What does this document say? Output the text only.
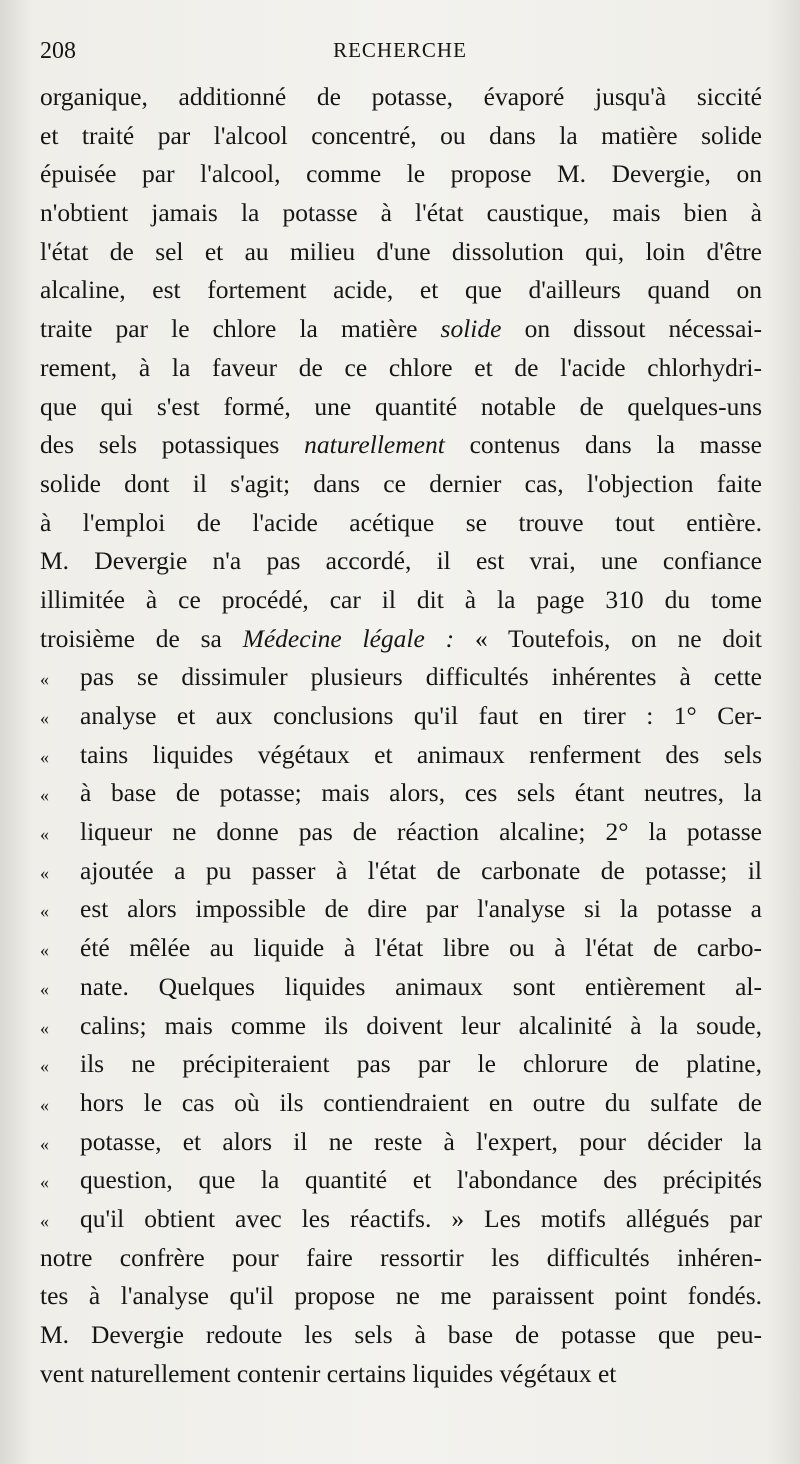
208	RECHERCHE
organique, additionné de potasse, évaporé jusqu'à siccité
et traité par l'alcool concentré, ou dans la matière solide
épuisée par l'alcool, comme le propose M. Devergie, on
n'obtient jamais la potasse à l'état caustique, mais bien à
l'état de sel et au milieu d'une dissolution qui, loin d'être
alcaline, est fortement acide, et que d'ailleurs quand on
traite par le chlore la matière solide on dissout nécessai-
rement, à la faveur de ce chlore et de l'acide chlorhydri-
que qui s'est formé, une quantité notable de quelques-uns
des sels potassiques naturellement contenus dans la masse
solide dont il s'agit; dans ce dernier cas, l'objection faite
à l'emploi de l'acide acétique se trouve tout entière.
M. Devergie n'a pas accordé, il est vrai, une confiance
illimitée à ce procédé, car il dit à la page 310 du tome
troisième de sa Médecine légale : « Toutefois, on ne doit
« pas se dissimuler plusieurs difficultés inhérentes à cette
« analyse et aux conclusions qu'il faut en tirer : 1° Cer-
« tains liquides végétaux et animaux renferment des sels
« à base de potasse; mais alors, ces sels étant neutres, la
« liqueur ne donne pas de réaction alcaline; 2° la potasse
« ajoutée a pu passer à l'état de carbonate de potasse; il
« est alors impossible de dire par l'analyse si la potasse a
« été mêlée au liquide à l'état libre ou à l'état de carbo-
« nate. Quelques liquides animaux sont entièrement al-
« calins; mais comme ils doivent leur alcalinité à la soude,
« ils ne précipiteraient pas par le chlorure de platine,
« hors le cas où ils contiendraient en outre du sulfate de
« potasse, et alors il ne reste à l'expert, pour décider la
« question, que la quantité et l'abondance des précipités
« qu'il obtient avec les réactifs. » Les motifs allégués par
notre confrère pour faire ressortir les difficultés inhéren-
tes à l'analyse qu'il propose ne me paraissent point fondés.
M. Devergie redoute les sels à base de potasse que peu-
vent naturellement contenir certains liquides végétaux et
